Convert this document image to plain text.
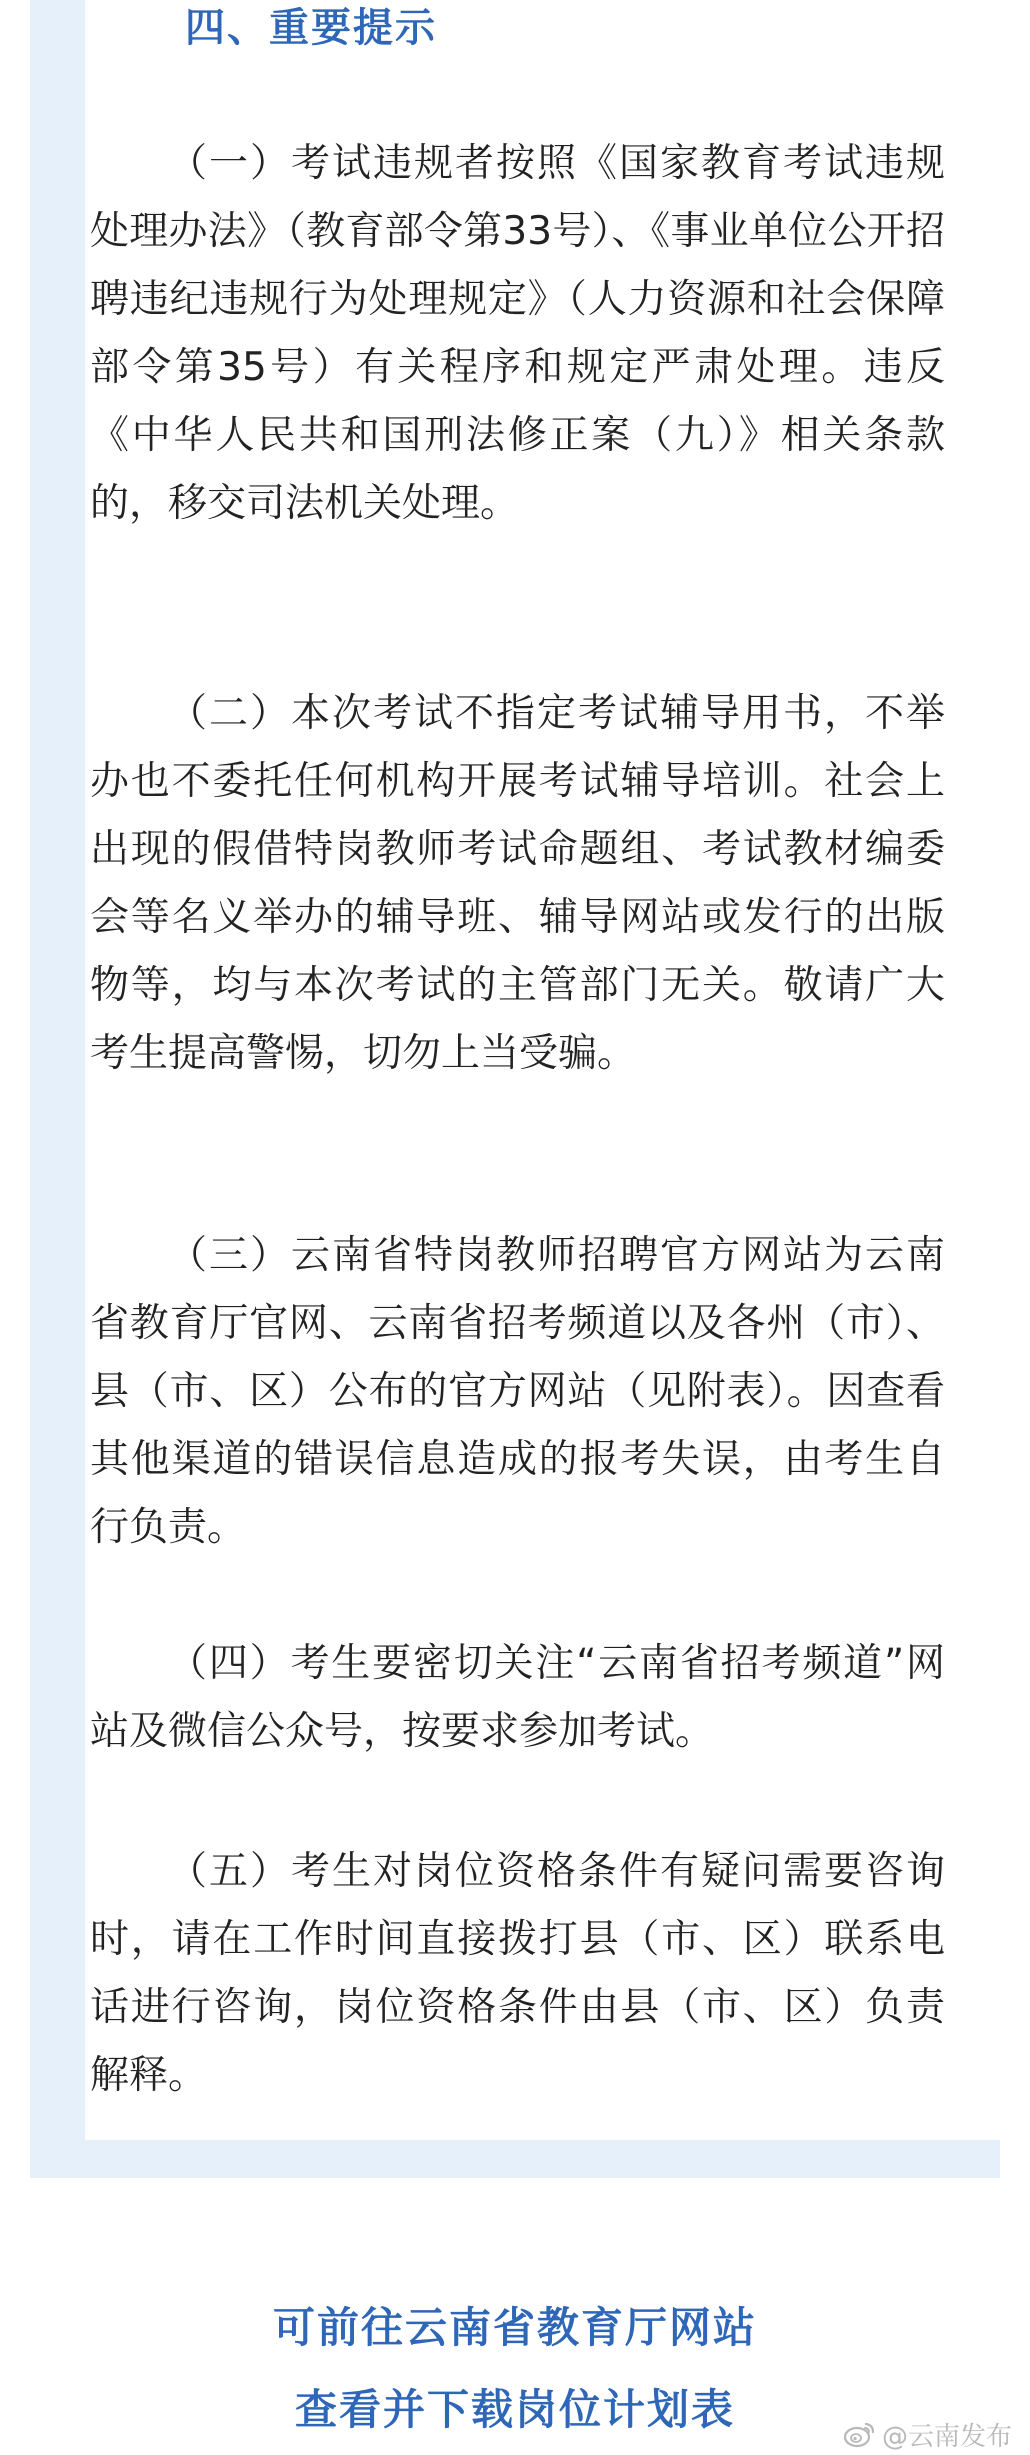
四、重要提示

（一）考试违规者按照《国家教育考试违规处理办法》（教育部令第33号）、《事业单位公开招聘违纪违规行为处理规定》（人力资源和社会保障部令第35号）有关程序和规定严肃处理。违反《中华人民共和国刑法修正案（九）》相关条款的，移交司法机关处理。

（二）本次考试不指定考试辅导用书，不举办也不委托任何机构开展考试辅导培训。社会上出现的假借特岗教师考试命题组、考试教材编委会等名义举办的辅导班、辅导网站或发行的出版物等，均与本次考试的主管部门无关。敬请广大考生提高警惕，切勿上当受骗。

（三）云南省特岗教师招聘官方网站为云南省教育厅官网、云南省招考频道以及各州（市）、县（市、区）公布的官方网站（见附表）。因查看其他渠道的错误信息造成的报考失误，由考生自行负责。

（四）考生要密切关注“云南省招考频道”网站及微信公众号，按要求参加考试。

（五）考生对岗位资格条件有疑问需要咨询时，请在工作时间直接拨打县（市、区）联系电话进行咨询，岗位资格条件由县（市、区）负责解释。

可前往云南省教育厅网站
查看并下载岗位计划表
@云南发布
